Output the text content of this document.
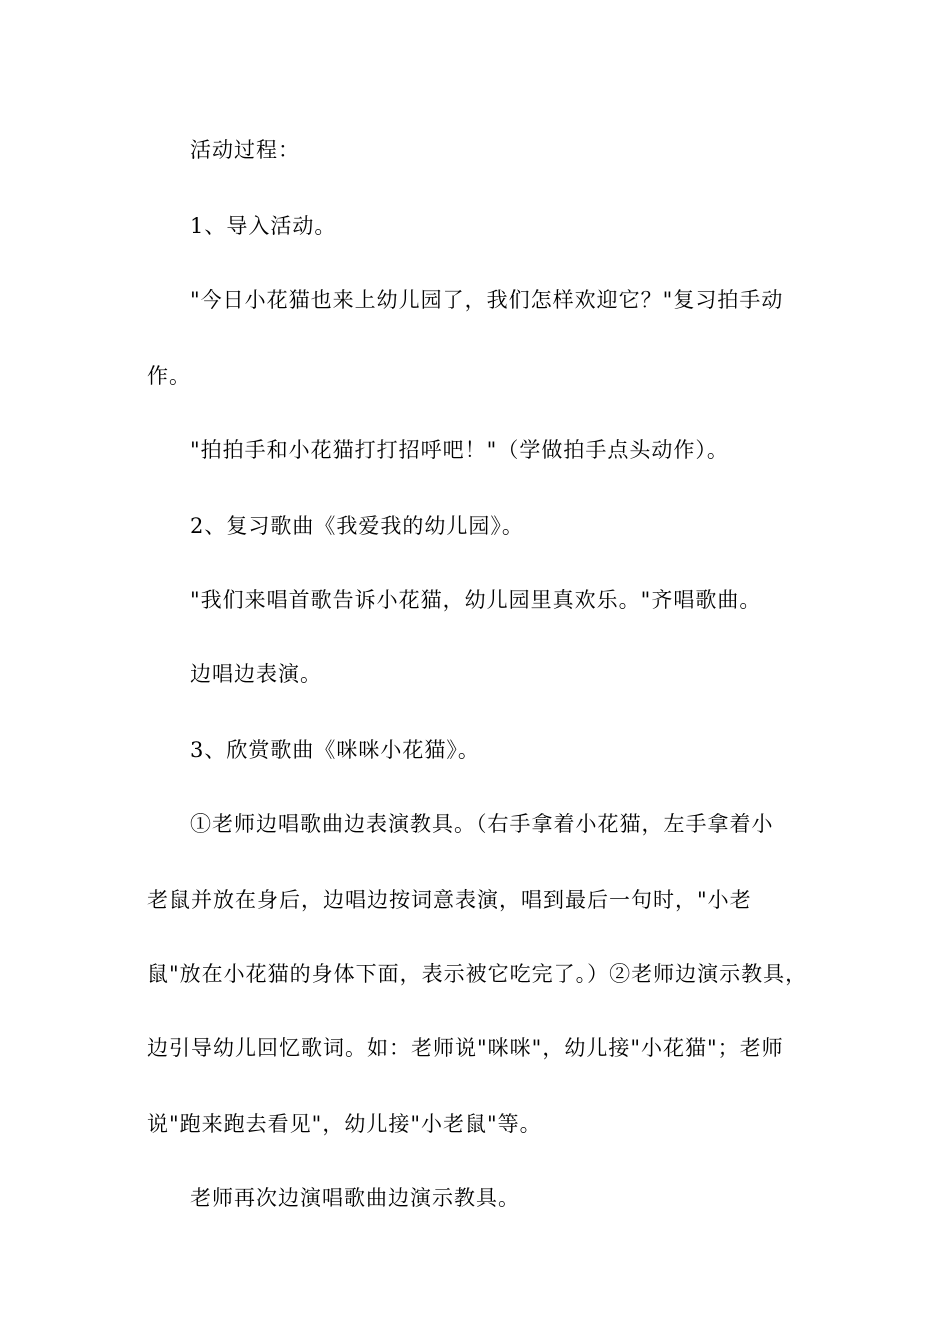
活动过程：
1、导入活动。
"今日小花猫也来上幼儿园了，我们怎样欢迎它？"复习拍手动
作。
"拍拍手和小花猫打打招呼吧！"（学做拍手点头动作）。
2、复习歌曲《我爱我的幼儿园》。
"我们来唱首歌告诉小花猫，幼儿园里真欢乐。"齐唱歌曲。
边唱边表演。
3、欣赏歌曲《咪咪小花猫》。
①老师边唱歌曲边表演教具。（右手拿着小花猫，左手拿着小
老鼠并放在身后，边唱边按词意表演，唱到最后一句时，"小老
鼠"放在小花猫的身体下面，表示被它吃完了。）②老师边演示教具，
边引导幼儿回忆歌词。如：老师说"咪咪"，幼儿接"小花猫"；老师
说"跑来跑去看见"，幼儿接"小老鼠"等。
老师再次边演唱歌曲边演示教具。
